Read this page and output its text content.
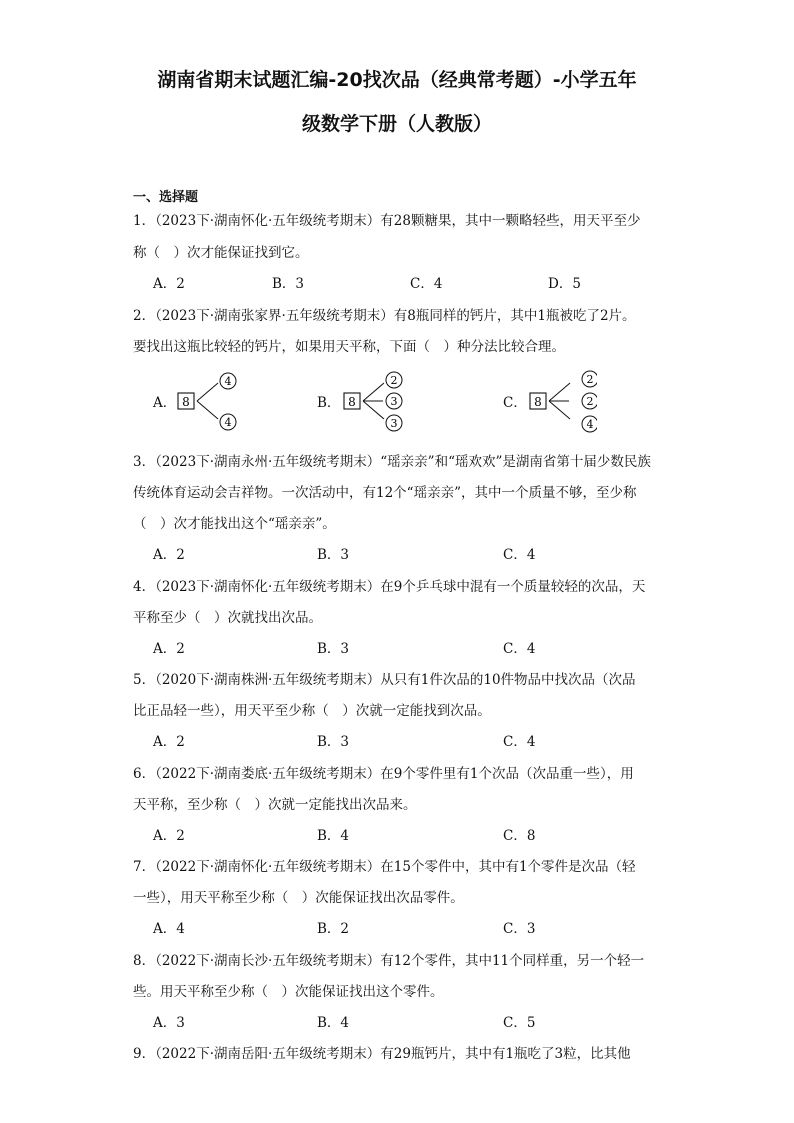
湖南省期末试题汇编-20找次品（经典常考题）-小学五年
级数学下册（人教版）
一、选择题
1．（2023下·湖南怀化·五年级统考期末）有28颗糖果，其中一颗略轻些，用天平至少
称（　）次才能保证找到它。
A．2	B．3	C．4	D．5
2．（2023下·湖南张家界·五年级统考期末）有8瓶同样的钙片，其中1瓶被吃了2片。
要找出这瓶比较轻的钙片，如果用天平称，下面（　）种分法比较合理。
A． 8
4
4
B． 8
2
3
3
C． 8
2
2
4
3．（2023下·湖南永州·五年级统考期末）“瑶亲亲”和“瑶欢欢”是湖南省第十届少数民族
传统体育运动会吉祥物。一次活动中，有12个“瑶亲亲”，其中一个质量不够，至少称
（　）次才能找出这个“瑶亲亲”。
A．2	B．3	C．4
4．（2023下·湖南怀化·五年级统考期末）在9个乒乓球中混有一个质量较轻的次品，天
平称至少（　）次就找出次品。
A．2	B．3	C．4
5．（2020下·湖南株洲·五年级统考期末）从只有1件次品的10件物品中找次品（次品
比正品轻一些），用天平至少称（　）次就一定能找到次品。
A．2	B．3	C．4
6．（2022下·湖南娄底·五年级统考期末）在9个零件里有1个次品（次品重一些），用
天平称，至少称（　）次就一定能找出次品来。
A．2	B．4	C．8
7．（2022下·湖南怀化·五年级统考期末）在15个零件中，其中有1个零件是次品（轻
一些），用天平称至少称（　）次能保证找出次品零件。
A．4	B．2	C．3
8．（2022下·湖南长沙·五年级统考期末）有12个零件，其中11个同样重，另一个轻一
些。用天平称至少称（　）次能保证找出这个零件。
A．3	B．4	C．5
9．（2022下·湖南岳阳·五年级统考期末）有29瓶钙片，其中有1瓶吃了3粒，比其他
